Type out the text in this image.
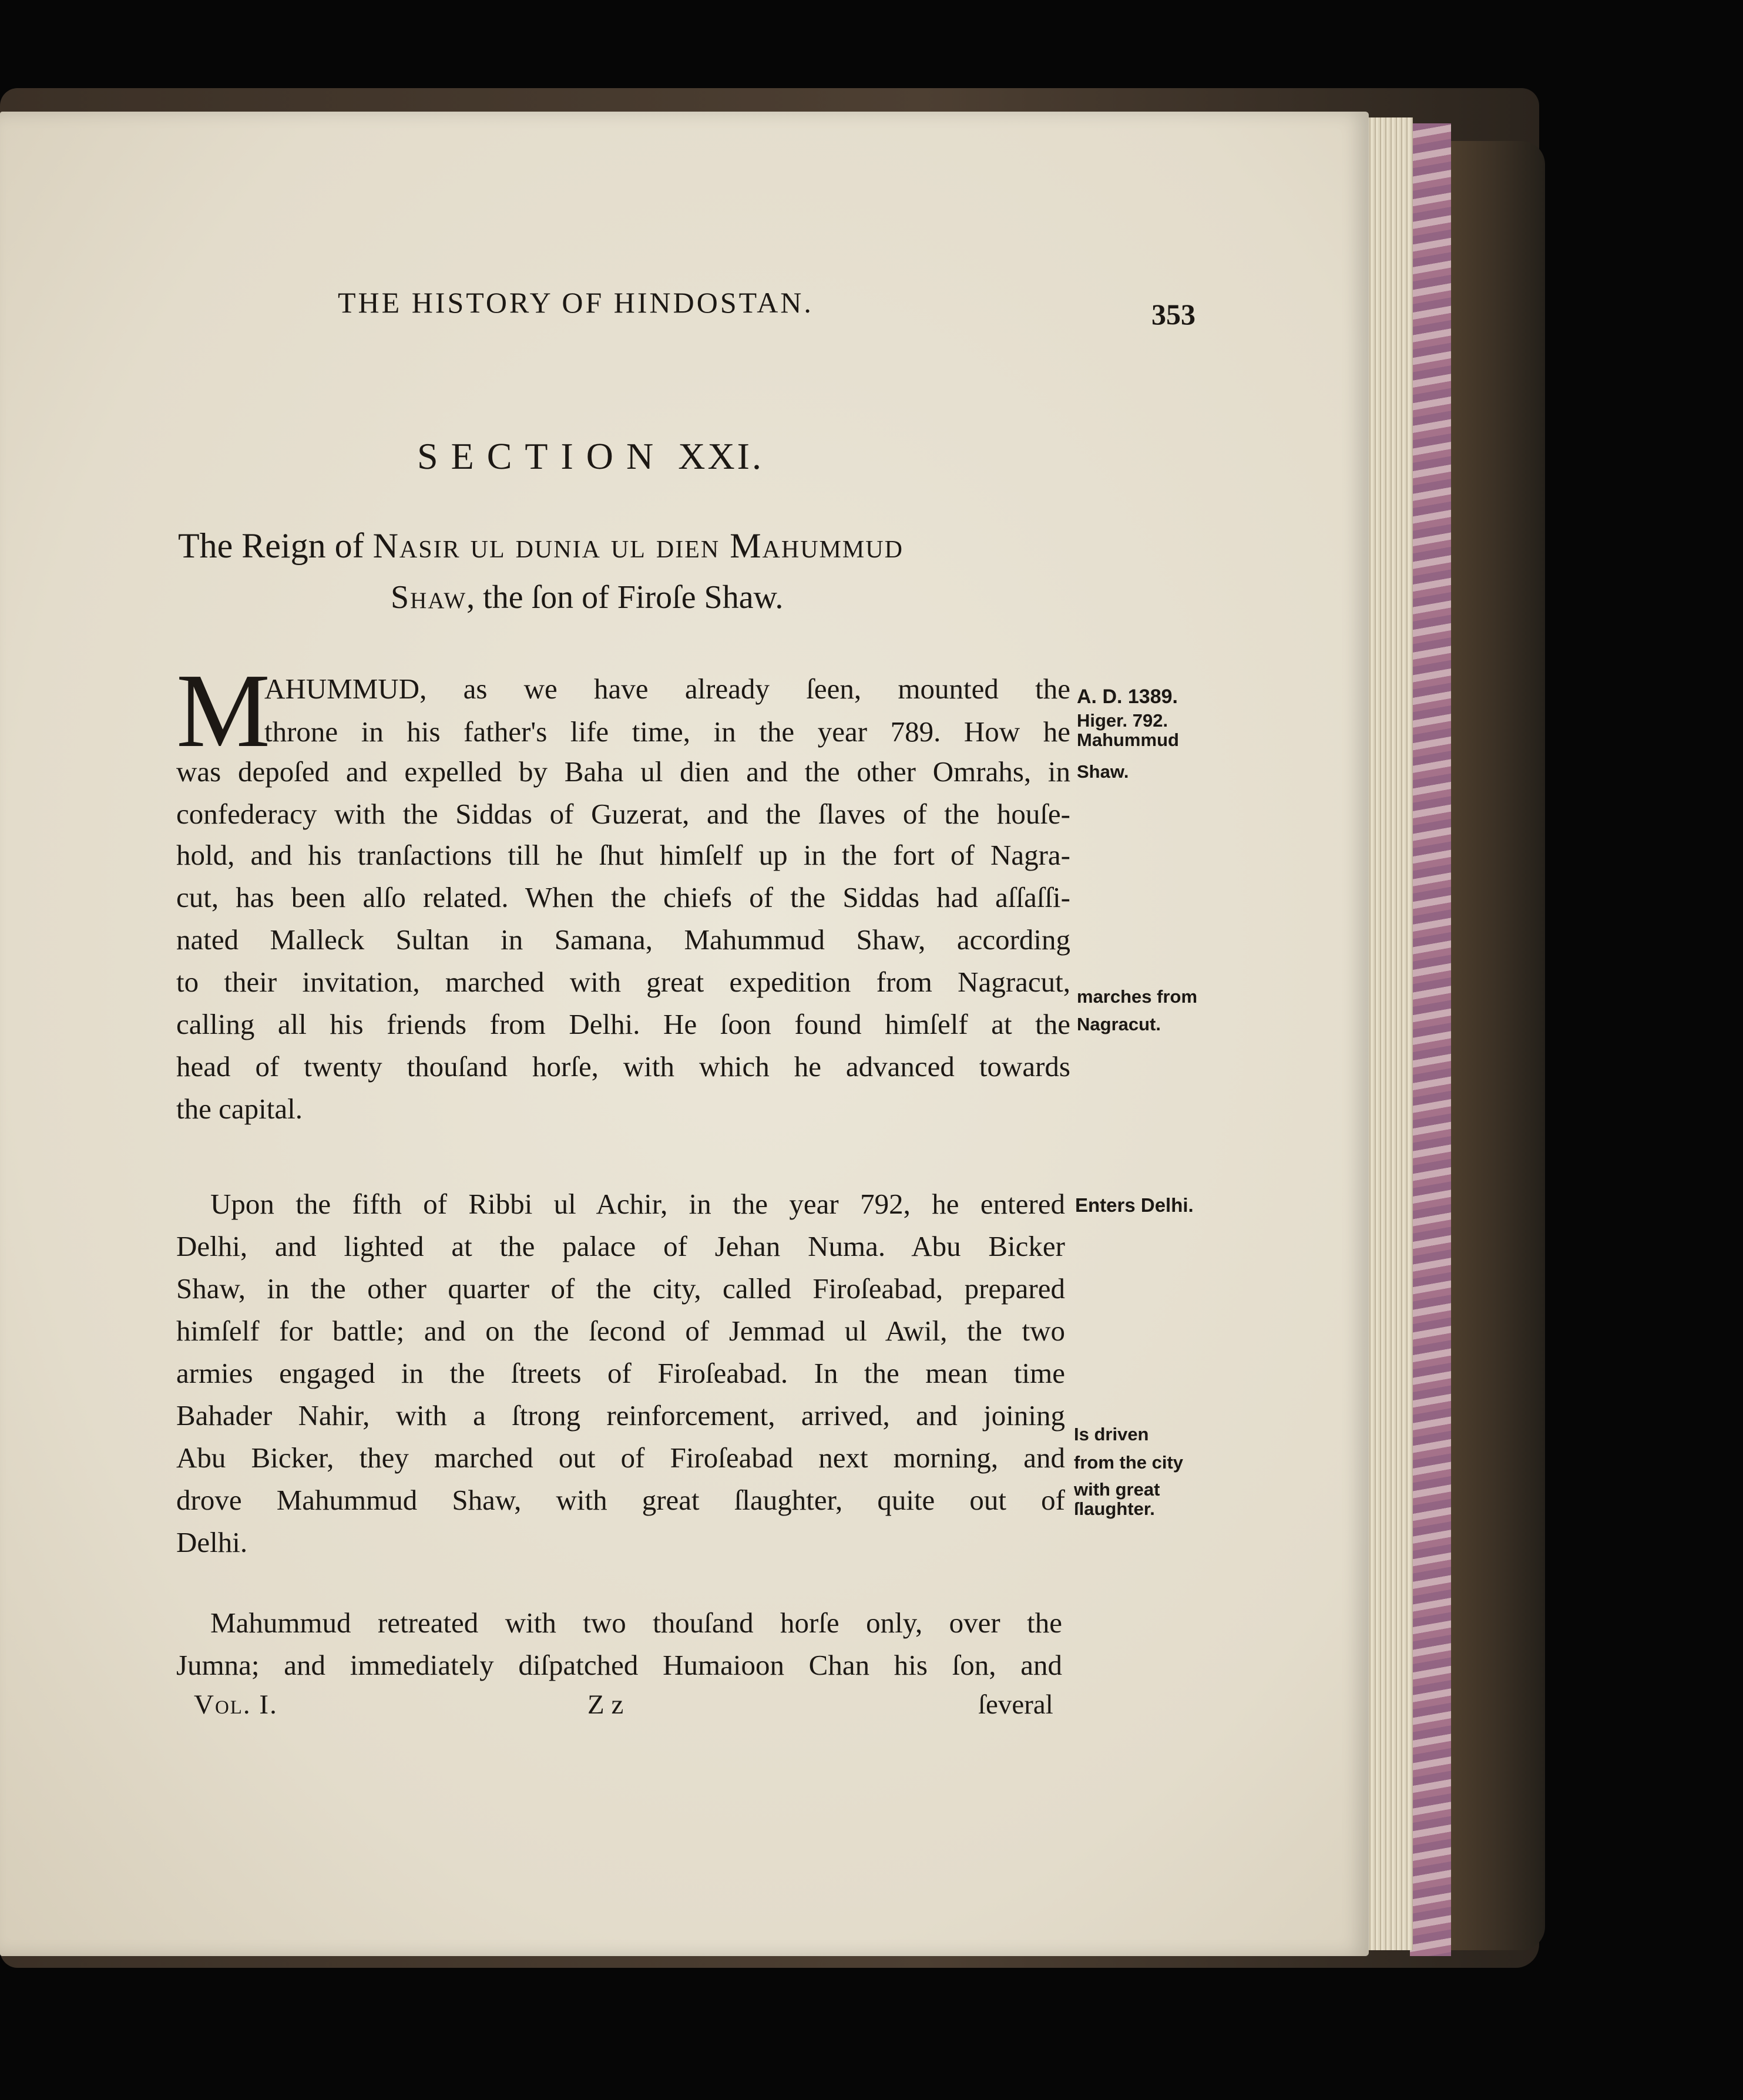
THE HISTORY OF HINDOSTAN.	353
SECTION XXI.
The Reign of Nasir ul dunia ul dien Mahummud
Shaw, the ſon of Firoſe Shaw.
M
AHUMMUD, as we have already ſeen, mounted the
throne in his father's life time, in the year 789. How he
was depoſed and expelled by Baha ul dien and the other Omrahs, in
confederacy with the Siddas of Guzerat, and the ſlaves of the houſe-
hold, and his tranſactions till he ſhut himſelf up in the fort of Nagra-
cut, has been alſo related. When the chiefs of the Siddas had aſſaſſi-
nated Malleck Sultan in Samana, Mahummud Shaw, according
to their invitation, marched with great expedition from Nagracut,
calling all his friends from Delhi. He ſoon found himſelf at the
head of twenty thouſand horſe, with which he advanced towards
the capital.
Upon the fifth of Ribbi ul Achir, in the year 792, he entered
Delhi, and lighted at the palace of Jehan Numa. Abu Bicker
Shaw, in the other quarter of the city, called Firoſeabad, prepared
himſelf for battle; and on the ſecond of Jemmad ul Awil, the two
armies engaged in the ſtreets of Firoſeabad. In the mean time
Bahader Nahir, with a ſtrong reinforcement, arrived, and joining
Abu Bicker, they marched out of Firoſeabad next morning, and
drove Mahummud Shaw, with great ſlaughter, quite out of
Delhi.
Mahummud retreated with two thouſand horſe only, over the
Jumna; and immediately diſpatched Humaioon Chan his ſon, and
A. D. 1389.
Higer. 792.
Mahummud
Shaw.
marches from
Nagracut.
Enters Delhi.
Is driven
from the city
with great
ſlaughter.
Vol. I.	Z z	ſeveral
